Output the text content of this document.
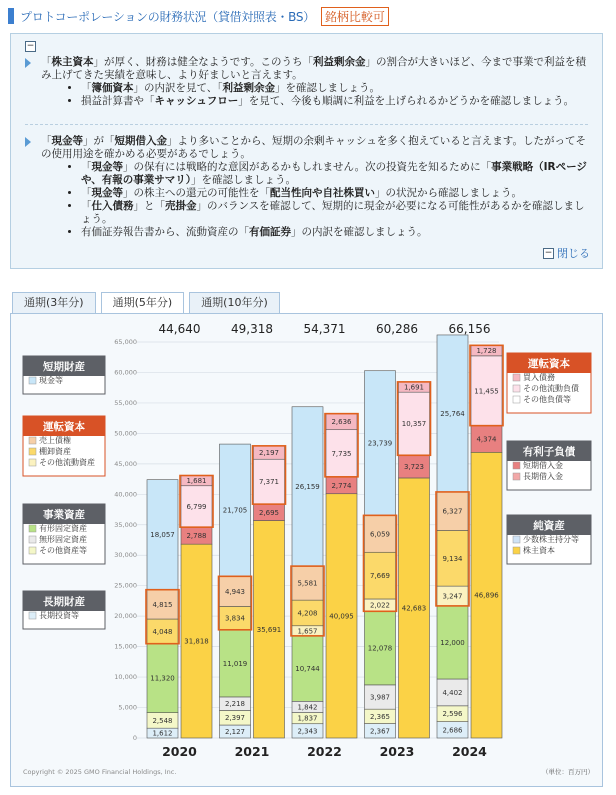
プロトコーポレーションの財務状況（貸借対照表・BS） 銘柄比較可
−
「株主資本」が厚く、財務は健全なようです。このうち「利益剰余金」の割合が大きいほど、今まで事業で利益を積み上げてきた実績を意味し、より好ましいと言えます。
• 「簿価資本」の内訳を見て、「利益剰余金」を確認しましょう。
• 損益計算書や「キャッシュフロー」を見て、今後も順調に利益を上げられるかどうかを確認しましょう。
「現金等」が「短期借入金」より多いことから、短期の余剰キャッシュを多く抱えていると言えます。したがってその使用用途を確かめる必要があるでしょう。
• 「現金等」の保有には戦略的な意図があるかもしれません。次の投資先を知るために「事業戦略（IRページや、有報の事業サマリ）」を確認しましょう。
• 「現金等」の株主への還元の可能性を「配当性向や自社株買い」の状況から確認しましょう。
• 「仕入債務」と「売掛金」のバランスを確認して、短期的に現金が必要になる可能性があるかを確認しましょう。
• 有価証券報告書から、流動資産の「有価証券」の内訳を確認しましょう。
− 閉じる
通期(3年分)	通期(5年分)	通期(10年分)
0
5,000
10,000
15,000
20,000
25,000
30,000
35,000
40,000
45,000
50,000
55,000
60,000
65,000
1,612
2,548
11,320
4,048
4,815
18,057
31,818
2,788
6,799
1,681
44,640
2020
2,127
2,397
2,218
11,019
3,834
4,943
21,705
35,691
2,695
7,371
2,197
49,318
2021
2,343
1,837
1,842
10,744
1,657
4,208
5,581
26,159
40,095
2,774
7,735
2,636
54,371
2022
2,367
2,365
3,987
12,078
2,022
7,669
6,059
23,739
42,683
3,723
10,357
1,691
60,286
2023
2,686
2,596
4,402
12,000
3,247
9,134
6,327
25,764
46,896
4,374
11,455
1,728
66,156
2024
短期財産
現金等
運転資本
売上債権
棚卸資産
その他流動資産
事業資産
有形固定資産
無形固定資産
その他資産等
長期財産
長期投資等
運転資本
買入債務
その他流動負債
その他負債等
有利子負債
短期借入金
長期借入金
純資産
少数株主持分等
株主資本
Copyright © 2025 GMO Financial Holdings, Inc.	（単位：百万円）
